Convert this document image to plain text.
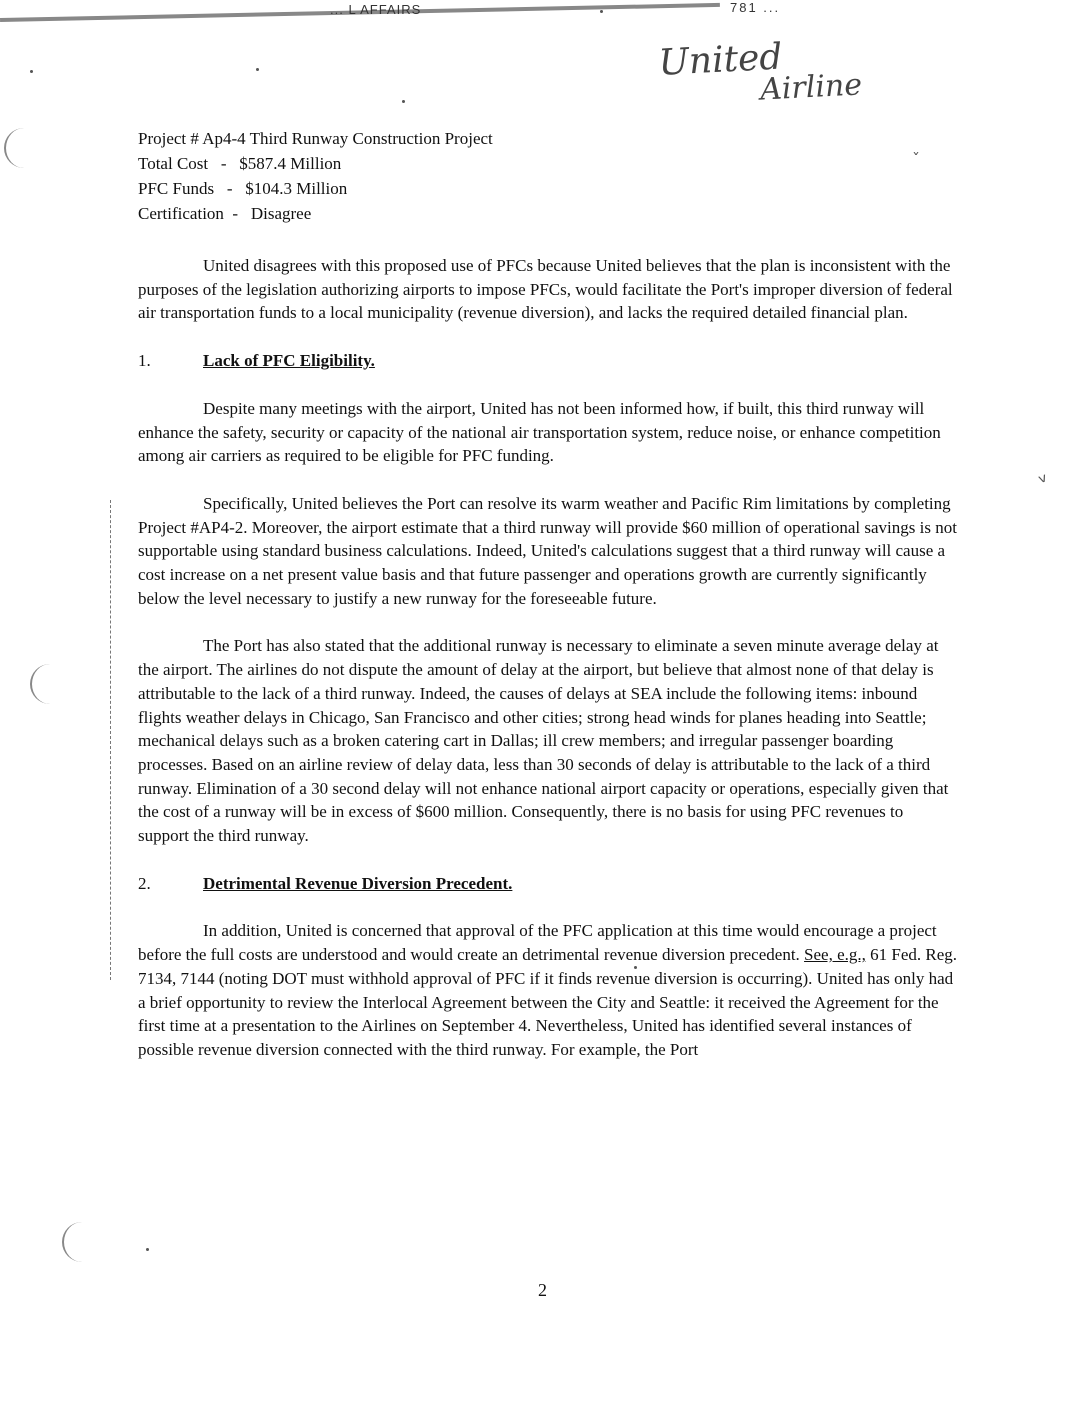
... L AFFAIRS	781 ...
United
Airline
ᵛ
ˇ

Project # Ap4-4 Third Runway Construction Project

Total Cost   -   $587.4 Million

PFC Funds   -   $104.3 Million

Certification  -   Disagree

United disagrees with this proposed use of PFCs because United believes that the plan is inconsistent with the purposes of the legislation authorizing airports to impose PFCs, would facilitate the Port's improper diversion of federal air transportation funds to a local municipality (revenue diversion), and lacks the required detailed financial plan.

1.	Lack of PFC Eligibility.

Despite many meetings with the airport, United has not been informed how, if built, this third runway will enhance the safety, security or capacity of the national air transportation system, reduce noise, or enhance competition among air carriers as required to be eligible for PFC funding.

Specifically, United believes the Port can resolve its warm weather and Pacific Rim limitations by completing Project #AP4-2. Moreover, the airport estimate that a third runway will provide $60 million of operational savings is not supportable using standard business calculations. Indeed, United's calculations suggest that a third runway will cause a cost increase on a net present value basis and that future passenger and operations growth are currently significantly below the level necessary to justify a new runway for the foreseeable future.

The Port has also stated that the additional runway is necessary to eliminate a seven minute average delay at the airport. The airlines do not dispute the amount of delay at the airport, but believe that almost none of that delay is attributable to the lack of a third runway. Indeed, the causes of delays at SEA include the following items: inbound flights weather delays in Chicago, San Francisco and other cities; strong head winds for planes heading into Seattle; mechanical delays such as a broken catering cart in Dallas; ill crew members; and irregular passenger boarding processes. Based on an airline review of delay data, less than 30 seconds of delay is attributable to the lack of a third runway. Elimination of a 30 second delay will not enhance national airport capacity or operations, especially given that the cost of a runway will be in excess of $600 million. Consequently, there is no basis for using PFC revenues to support the third runway.

2.	Detrimental Revenue Diversion Precedent.

In addition, United is concerned that approval of the PFC application at this time would encourage a project before the full costs are understood and would create an detrimental revenue diversion precedent. See, e.g., 61 Fed. Reg. 7134, 7144 (noting DOT must withhold approval of PFC if it finds revenue diversion is occurring). United has only had a brief opportunity to review the Interlocal Agreement between the City and Seattle: it received the Agreement for the first time at a presentation to the Airlines on September 4. Nevertheless, United has identified several instances of possible revenue diversion connected with the third runway. For example, the Port

2
